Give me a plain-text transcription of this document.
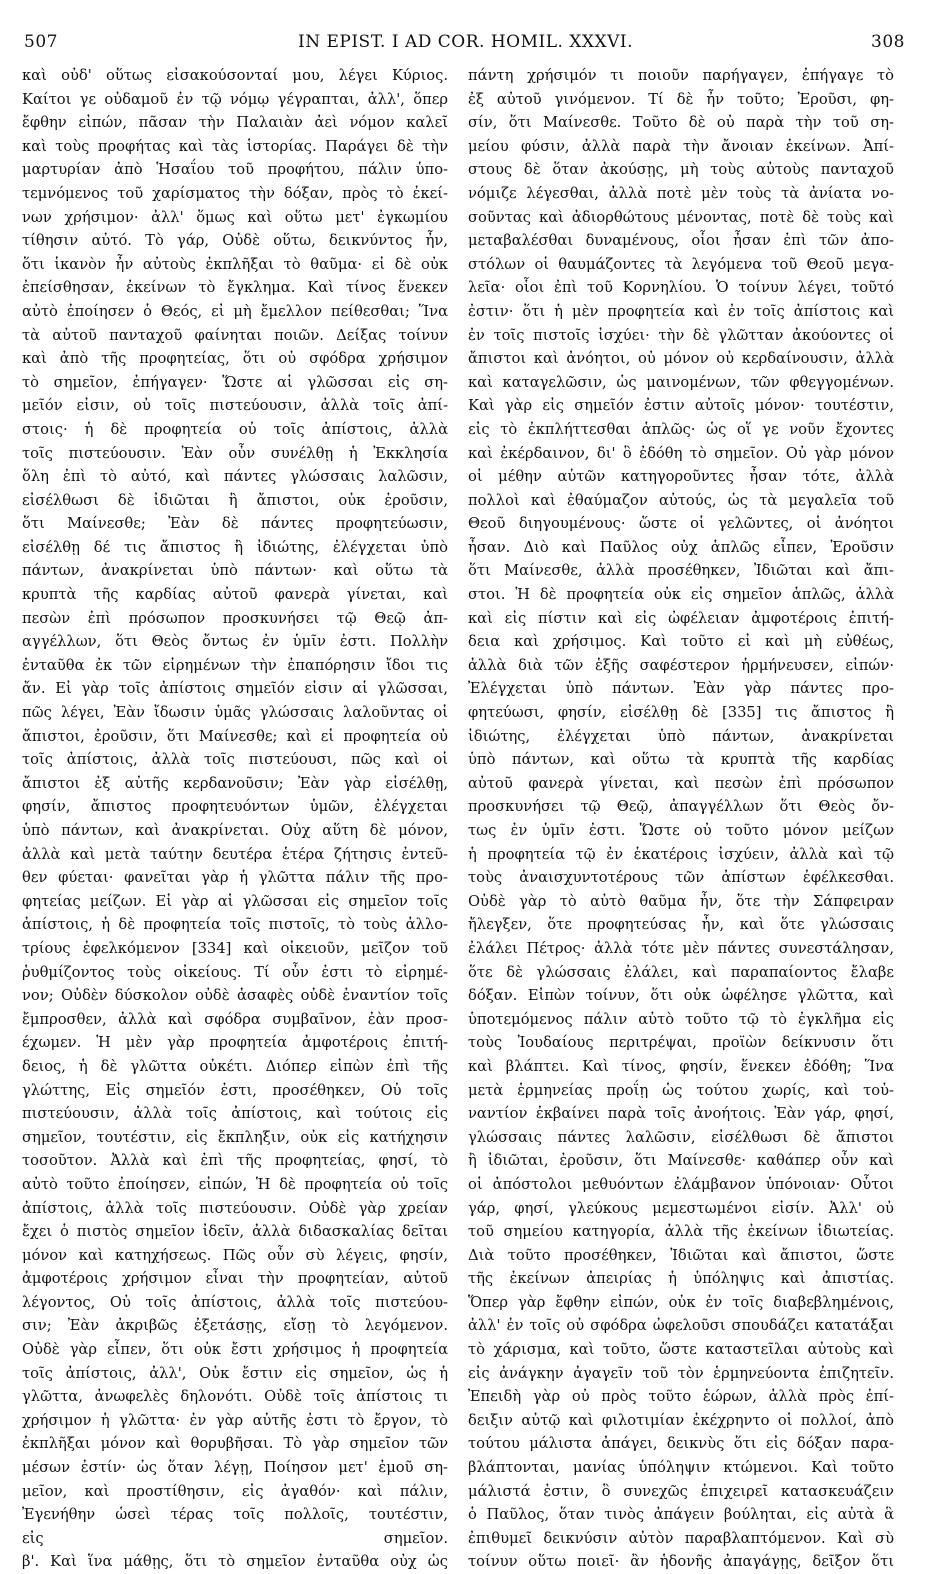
507	IN EPIST. I AD COR. HOMIL. XXXVI.	308
καὶ οὐδ' οὕτως εἰσακούσονταί μου, λέγει Κύριος.
Καίτοι γε οὐδαμοῦ ἐν τῷ νόμῳ γέγραπται, ἀλλ', ὅπερ
ἔφθην εἰπών, πᾶσαν τὴν Παλαιὰν ἀεὶ νόμον καλεῖ
καὶ τοὺς προφήτας καὶ τὰς ἱστορίας. Παράγει δὲ τὴν
μαρτυρίαν ἀπὸ Ἡσαΐου τοῦ προφήτου, πάλιν ὑπο-
τεμνόμενος τοῦ χαρίσματος τὴν δόξαν, πρὸς τὸ ἐκεί-
νων χρήσιμον· ἀλλ' ὅμως καὶ οὕτω μετ' ἐγκωμίου
τίθησιν αὐτό. Τὸ γάρ, Οὐδὲ οὕτω, δεικνύντος ἦν,
ὅτι ἱκανὸν ἦν αὐτοὺς ἐκπλῆξαι τὸ θαῦμα· εἰ δὲ οὐκ
ἐπείσθησαν, ἐκείνων τὸ ἔγκλημα. Καὶ τίνος ἕνεκεν
αὐτὸ ἐποίησεν ὁ Θεός, εἰ μὴ ἔμελλον πείθεσθαι; Ἵνα
τὰ αὐτοῦ πανταχοῦ φαίνηται ποιῶν. Δείξας τοίνυν
καὶ ἀπὸ τῆς προφητείας, ὅτι οὐ σφόδρα χρήσιμον
τὸ σημεῖον, ἐπήγαγεν· Ὥστε αἱ γλῶσσαι εἰς ση-
μεῖόν εἰσιν, οὐ τοῖς πιστεύουσιν, ἀλλὰ τοῖς ἀπί-
στοις· ἡ δὲ προφητεία οὐ τοῖς ἀπίστοις, ἀλλὰ
τοῖς πιστεύουσιν. Ἐὰν οὖν συνέλθῃ ἡ Ἐκκλησία
ὅλη ἐπὶ τὸ αὐτό, καὶ πάντες γλώσσαις λαλῶσιν,
εἰσέλθωσι δὲ ἰδιῶται ἢ ἄπιστοι, οὐκ ἐροῦσιν,
ὅτι Μαίνεσθε; Ἐὰν δὲ πάντες προφητεύωσιν,
εἰσέλθῃ δέ τις ἄπιστος ἢ ἰδιώτης, ἐλέγχεται ὑπὸ
πάντων, ἀνακρίνεται ὑπὸ πάντων· καὶ οὕτω τὰ
κρυπτὰ τῆς καρδίας αὐτοῦ φανερὰ γίνεται, καὶ
πεσὼν ἐπὶ πρόσωπον προσκυνήσει τῷ Θεῷ ἀπ-
αγγέλλων, ὅτι Θεὸς ὄντως ἐν ὑμῖν ἐστι. Πολλὴν
ἐνταῦθα ἐκ τῶν εἰρημένων τὴν ἐπαπόρησιν ἴδοι τις
ἄν. Εἰ γὰρ τοῖς ἀπίστοις σημεῖόν εἰσιν αἱ γλῶσσαι,
πῶς λέγει, Ἐὰν ἴδωσιν ὑμᾶς γλώσσαις λαλοῦντας οἱ
ἄπιστοι, ἐροῦσιν, ὅτι Μαίνεσθε; καὶ εἰ προφητεία οὐ
τοῖς ἀπίστοις, ἀλλὰ τοῖς πιστεύουσι, πῶς καὶ οἱ
ἄπιστοι ἐξ αὐτῆς κερδανοῦσιν; Ἐὰν γὰρ εἰσέλθῃ,
φησίν, ἄπιστος προφητευόντων ὑμῶν, ἐλέγχεται
ὑπὸ πάντων, καὶ ἀνακρίνεται. Οὐχ αὕτη δὲ μόνον,
ἀλλὰ καὶ μετὰ ταύτην δευτέρα ἑτέρα ζήτησις ἐντεῦ-
θεν φύεται· φανεῖται γὰρ ἡ γλῶττα πάλιν τῆς προ-
φητείας μείζων. Εἰ γὰρ αἱ γλῶσσαι εἰς σημεῖον τοῖς
ἀπίστοις, ἡ δὲ προφητεία τοῖς πιστοῖς, τὸ τοὺς ἀλλο-
τρίους ἐφελκόμενον [334] καὶ οἰκειοῦν, μεῖζον τοῦ
ῥυθμίζοντος τοὺς οἰκείους. Τί οὖν ἐστι τὸ εἰρημέ-
νον; Οὐδὲν δύσκολον οὐδὲ ἀσαφὲς οὐδὲ ἐναντίον τοῖς
ἔμπροσθεν, ἀλλὰ καὶ σφόδρα συμβαῖνον, ἐὰν προσ-
έχωμεν. Ἡ μὲν γὰρ προφητεία ἀμφοτέροις ἐπιτή-
δειος, ἡ δὲ γλῶττα οὐκέτι. Διόπερ εἰπὼν ἐπὶ τῆς
γλώττης, Εἰς σημεῖόν ἐστι, προσέθηκεν, Οὐ τοῖς
πιστεύουσιν, ἀλλὰ τοῖς ἀπίστοις, καὶ τούτοις εἰς
σημεῖον, τουτέστιν, εἰς ἔκπληξιν, οὐκ εἰς κατήχησιν
τοσοῦτον. Ἀλλὰ καὶ ἐπὶ τῆς προφητείας, φησί, τὸ
αὐτὸ τοῦτο ἐποίησεν, εἰπών, Ἡ δὲ προφητεία οὐ τοῖς
ἀπίστοις, ἀλλὰ τοῖς πιστεύουσιν. Οὐδὲ γὰρ χρείαν
ἔχει ὁ πιστὸς σημεῖον ἰδεῖν, ἀλλὰ διδασκαλίας δεῖται
μόνον καὶ κατηχήσεως. Πῶς οὖν σὺ λέγεις, φησίν,
ἀμφοτέροις χρήσιμον εἶναι τὴν προφητείαν, αὐτοῦ
λέγοντος, Οὐ τοῖς ἀπίστοις, ἀλλὰ τοῖς πιστεύου-
σιν; Ἐὰν ἀκριβῶς ἐξετάσῃς, εἴσῃ τὸ λεγόμενον.
Οὐδὲ γὰρ εἶπεν, ὅτι οὐκ ἔστι χρήσιμος ἡ προφητεία
τοῖς ἀπίστοις, ἀλλ', Οὐκ ἔστιν εἰς σημεῖον, ὡς ἡ
γλῶττα, ἀνωφελὲς δηλονότι. Οὐδὲ τοῖς ἀπίστοις τι
χρήσιμον ἡ γλῶττα· ἐν γὰρ αὐτῆς ἐστι τὸ ἔργον, τὸ
ἐκπλῆξαι μόνον καὶ θορυβῆσαι. Τὸ γὰρ σημεῖον τῶν
μέσων ἐστίν· ὡς ὅταν λέγῃ, Ποίησον μετ' ἐμοῦ ση-
μεῖον, καὶ προστίθησιν, εἰς ἀγαθόν· καὶ πάλιν,
Ἐγενήθην ὡσεὶ τέρας τοῖς πολλοῖς, τουτέστιν,
εἰς σημεῖον.
β'. Καὶ ἵνα μάθῃς, ὅτι τὸ σημεῖον ἐνταῦθα οὐχ ὡς
πάντη χρήσιμόν τι ποιοῦν παρήγαγεν, ἐπήγαγε τὸ
ἐξ αὐτοῦ γινόμενον. Τί δὲ ἦν τοῦτο; Ἐροῦσι, φη-
σίν, ὅτι Μαίνεσθε. Τοῦτο δὲ οὐ παρὰ τὴν τοῦ ση-
μείου φύσιν, ἀλλὰ παρὰ τὴν ἄνοιαν ἐκείνων. Ἀπί-
στους δὲ ὅταν ἀκούσῃς, μὴ τοὺς αὐτοὺς πανταχοῦ
νόμιζε λέγεσθαι, ἀλλὰ ποτὲ μὲν τοὺς τὰ ἀνίατα νο-
σοῦντας καὶ ἀδιορθώτους μένοντας, ποτὲ δὲ τοὺς καὶ
μεταβαλέσθαι δυναμένους, οἷοι ἦσαν ἐπὶ τῶν ἀπο-
στόλων οἱ θαυμάζοντες τὰ λεγόμενα τοῦ Θεοῦ μεγα-
λεῖα· οἷοι ἐπὶ τοῦ Κορνηλίου. Ὁ τοίνυν λέγει, τοῦτό
ἐστιν· ὅτι ἡ μὲν προφητεία καὶ ἐν τοῖς ἀπίστοις καὶ
ἐν τοῖς πιστοῖς ἰσχύει· τὴν δὲ γλῶτταν ἀκούοντες οἱ
ἄπιστοι καὶ ἀνόητοι, οὐ μόνον οὐ κερδαίνουσιν, ἀλλὰ
καὶ καταγελῶσιν, ὡς μαινομένων, τῶν φθεγγομένων.
Καὶ γὰρ εἰς σημεῖόν ἐστιν αὐτοῖς μόνον· τουτέστιν,
εἰς τὸ ἐκπλήττεσθαι ἁπλῶς· ὡς οἵ γε νοῦν ἔχοντες
καὶ ἐκέρδαινον, δι' ὃ ἐδόθη τὸ σημεῖον. Οὐ γὰρ μόνον
οἱ μέθην αὐτῶν κατηγοροῦντες ἦσαν τότε, ἀλλὰ
πολλοὶ καὶ ἐθαύμαζον αὐτούς, ὡς τὰ μεγαλεῖα τοῦ
Θεοῦ διηγουμένους· ὥστε οἱ γελῶντες, οἱ ἀνόητοι
ἦσαν. Διὸ καὶ Παῦλος οὐχ ἁπλῶς εἶπεν, Ἐροῦσιν
ὅτι Μαίνεσθε, ἀλλὰ προσέθηκεν, Ἰδιῶται καὶ ἄπι-
στοι. Ἡ δὲ προφητεία οὐκ εἰς σημεῖον ἁπλῶς, ἀλλὰ
καὶ εἰς πίστιν καὶ εἰς ὠφέλειαν ἀμφοτέροις ἐπιτή-
δεια καὶ χρήσιμος. Καὶ τοῦτο εἰ καὶ μὴ εὐθέως,
ἀλλὰ διὰ τῶν ἑξῆς σαφέστερον ἡρμήνευσεν, εἰπών·
Ἐλέγχεται ὑπὸ πάντων. Ἐὰν γὰρ πάντες προ-
φητεύωσι, φησίν, εἰσέλθῃ δὲ [335] τις ἄπιστος ἢ
ἰδιώτης, ἐλέγχεται ὑπὸ πάντων, ἀνακρίνεται
ὑπὸ πάντων, καὶ οὕτω τὰ κρυπτὰ τῆς καρδίας
αὐτοῦ φανερὰ γίνεται, καὶ πεσὼν ἐπὶ πρόσωπον
προσκυνήσει τῷ Θεῷ, ἀπαγγέλλων ὅτι Θεὸς ὄν-
τως ἐν ὑμῖν ἐστι. Ὥστε οὐ τοῦτο μόνον μείζων
ἡ προφητεία τῷ ἐν ἑκατέροις ἰσχύειν, ἀλλὰ καὶ τῷ
τοὺς ἀναισχυντοτέρους τῶν ἀπίστων ἐφέλκεσθαι.
Οὐδὲ γὰρ τὸ αὐτὸ θαῦμα ἦν, ὅτε τὴν Σάπφειραν
ἤλεγξεν, ὅτε προφητεύσας ἦν, καὶ ὅτε γλώσσαις
ἐλάλει Πέτρος· ἀλλὰ τότε μὲν πάντες συνεστάλησαν,
ὅτε δὲ γλώσσαις ἐλάλει, καὶ παραπαίοντος ἔλαβε
δόξαν. Εἰπὼν τοίνυν, ὅτι οὐκ ὠφέλησε γλῶττα, καὶ
ὑποτεμόμενος πάλιν αὐτὸ τοῦτο τῷ τὸ ἐγκλῆμα εἰς
τοὺς Ἰουδαίους περιτρέψαι, προϊὼν δείκνυσιν ὅτι
καὶ βλάπτει. Καὶ τίνος, φησίν, ἕνεκεν ἐδόθη; Ἵνα
μετὰ ἑρμηνείας προΐῃ ὡς τούτου χωρίς, καὶ τοὐ-
ναντίον ἐκβαίνει παρὰ τοῖς ἀνοήτοις. Ἐὰν γάρ, φησί,
γλώσσαις πάντες λαλῶσιν, εἰσέλθωσι δὲ ἄπιστοι
ἢ ἰδιῶται, ἐροῦσιν, ὅτι Μαίνεσθε· καθάπερ οὖν καὶ
οἱ ἀπόστολοι μεθυόντων ἐλάμβανον ὑπόνοιαν· Οὗτοι
γάρ, φησί, γλεύκους μεμεστωμένοι εἰσίν. Ἀλλ' οὐ
τοῦ σημείου κατηγορία, ἀλλὰ τῆς ἐκείνων ἰδιωτείας.
Διὰ τοῦτο προσέθηκεν, Ἰδιῶται καὶ ἄπιστοι, ὥστε
τῆς ἐκείνων ἀπειρίας ἡ ὑπόληψις καὶ ἀπιστίας.
Ὅπερ γὰρ ἔφθην εἰπών, οὐκ ἐν τοῖς διαβεβλημένοις,
ἀλλ' ἐν τοῖς οὐ σφόδρα ὠφελοῦσι σπουδάζει κατατάξαι
τὸ χάρισμα, καὶ τοῦτο, ὥστε καταστεῖλαι αὐτοὺς καὶ
εἰς ἀνάγκην ἀγαγεῖν τοῦ τὸν ἑρμηνεύοντα ἐπιζητεῖν.
Ἐπειδὴ γὰρ οὐ πρὸς τοῦτο ἑώρων, ἀλλὰ πρὸς ἐπί-
δειξιν αὐτῷ καὶ φιλοτιμίαν ἐκέχρηντο οἱ πολλοί, ἀπὸ
τούτου μάλιστα ἀπάγει, δεικνὺς ὅτι εἰς δόξαν παρα-
βλάπτονται, μανίας ὑπόληψιν κτώμενοι. Καὶ τοῦτο
μάλιστά ἐστιν, ὃ συνεχῶς ἐπιχειρεῖ κατασκευάζειν
ὁ Παῦλος, ὅταν τινὸς ἀπάγειν βούληται, εἰς αὐτὰ ἃ
ἐπιθυμεῖ δεικνύσιν αὐτὸν παραβλαπτόμενον. Καὶ σὺ
τοίνυν οὕτω ποιεῖ· ἂν ἡδονῆς ἀπαγάγῃς, δεῖξον ὅτι
